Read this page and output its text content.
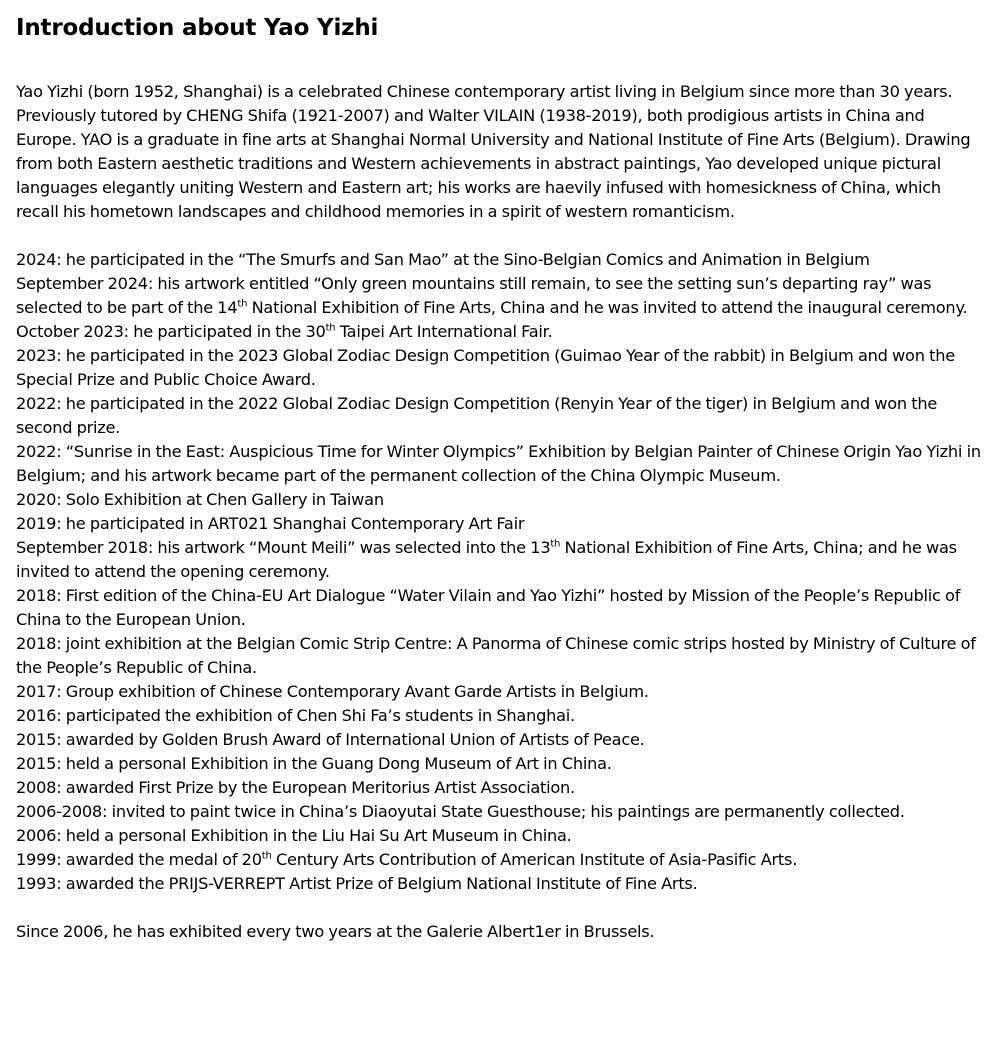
Introduction about Yao Yizhi
Yao Yizhi (born 1952, Shanghai) is a celebrated Chinese contemporary artist living in Belgium since more than 30 years. Previously tutored by CHENG Shifa (1921-2007) and Walter VILAIN (1938-2019), both prodigious artists in China and Europe. YAO is a graduate in fine arts at Shanghai Normal University and National Institute of Fine Arts (Belgium). Drawing from both Eastern aesthetic traditions and Western achievements in abstract paintings, Yao developed unique pictural languages elegantly uniting Western and Eastern art; his works are haevily infused with homesickness of China, which recall his hometown landscapes and childhood memories in a spirit of western romanticism.
2024: he participated in the “The Smurfs and San Mao” at the Sino-Belgian Comics and Animation in Belgium
September 2024: his artwork entitled “Only green mountains still remain, to see the setting sun’s departing ray” was selected to be part of the 14th National Exhibition of Fine Arts, China and he was invited to attend the inaugural ceremony.
October 2023: he participated in the 30th Taipei Art International Fair.
2023: he participated in the 2023 Global Zodiac Design Competition (Guimao Year of the rabbit) in Belgium and won the Special Prize and Public Choice Award.
2022: he participated in the 2022 Global Zodiac Design Competition (Renyin Year of the tiger) in Belgium and won the second prize.
2022: “Sunrise in the East: Auspicious Time for Winter Olympics” Exhibition by Belgian Painter of Chinese Origin Yao Yizhi in Belgium; and his artwork became part of the permanent collection of the China Olympic Museum.
2020: Solo Exhibition at Chen Gallery in Taiwan
2019: he participated in ART021 Shanghai Contemporary Art Fair
September 2018: his artwork “Mount Meili” was selected into the 13th National Exhibition of Fine Arts, China; and he was invited to attend the opening ceremony.
2018: First edition of the China-EU Art Dialogue “Water Vilain and Yao Yizhi” hosted by Mission of the People’s Republic of China to the European Union.
2018: joint exhibition at the Belgian Comic Strip Centre: A Panorma of Chinese comic strips hosted by Ministry of Culture of the People’s Republic of China.
2017: Group exhibition of Chinese Contemporary Avant Garde Artists in Belgium.
2016: participated the exhibition of Chen Shi Fa’s students in Shanghai.
2015: awarded by Golden Brush Award of International Union of Artists of Peace.
2015: held a personal Exhibition in the Guang Dong Museum of Art in China.
2008: awarded First Prize by the European Meritorius Artist Association.
2006-2008: invited to paint twice in China’s Diaoyutai State Guesthouse; his paintings are permanently collected.
2006: held a personal Exhibition in the Liu Hai Su Art Museum in China.
1999: awarded the medal of 20th Century Arts Contribution of American Institute of Asia-Pasific Arts.
1993: awarded the PRIJS-VERREPT Artist Prize of Belgium National Institute of Fine Arts.
Since 2006, he has exhibited every two years at the Galerie Albert1er in Brussels.
